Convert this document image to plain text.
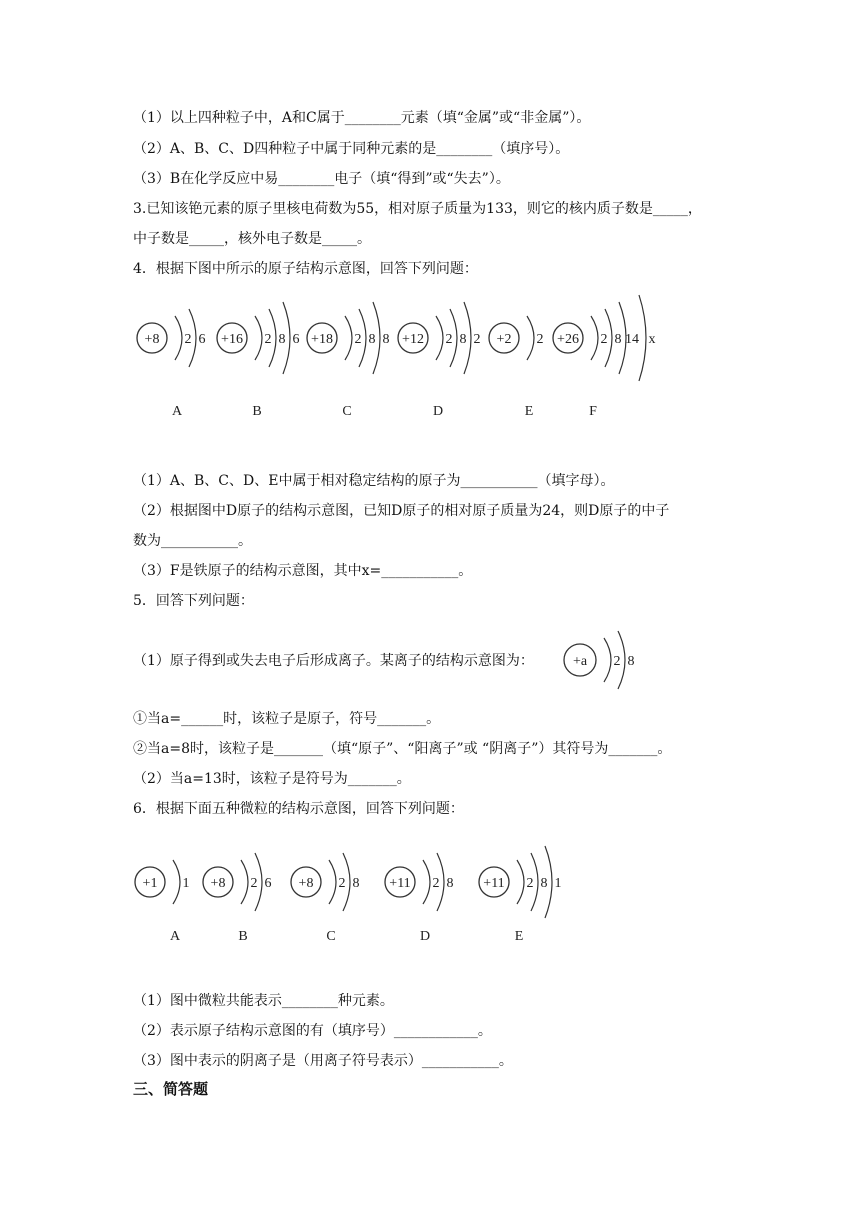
（1）以上四种粒子中，A和C属于________元素（填“金属”或“非金属”）。
（2）A、B、C、D四种粒子中属于同种元素的是________（填序号）。
（3）B在化学反应中易________电子（填“得到”或“失去”）。
3.已知该铯元素的原子里核电荷数为55，相对原子质量为133，则它的核内质子数是_____，
中子数是_____，核外电子数是_____。
4．根据下图中所示的原子结构示意图，回答下列问题：
+8 2 6
A
+16 2 8 6
B
+18 2 8 8
C
+12 2 8 2
D
+2 2
E
+26 2 8 14 x
F
（1）A、B、C、D、E中属于相对稳定结构的原子为___________（填字母）。
（2）根据图中D原子的结构示意图，已知D原子的相对原子质量为24，则D原子的中子
数为___________。
（3）F是铁原子的结构示意图，其中x=___________。
5．回答下列问题：
（1）原子得到或失去电子后形成离子。某离子的结构示意图为：	+a 2 8
①当a=______时，该粒子是原子，符号_______。
②当a=8时，该粒子是_______（填“原子”、“阳离子”或 “阴离子”）其符号为_______。
（2）当a=13时，该粒子是符号为_______。
6．根据下面五种微粒的结构示意图，回答下列问题：
+1 1
A
+8 2 6
B
+8 2 8
C
+11 2 8
D
+11 2 8 1
E
（1）图中微粒共能表示________种元素。
（2）表示原子结构示意图的有（填序号）____________。
（3）图中表示的阴离子是（用离子符号表示）___________。
三、简答题
